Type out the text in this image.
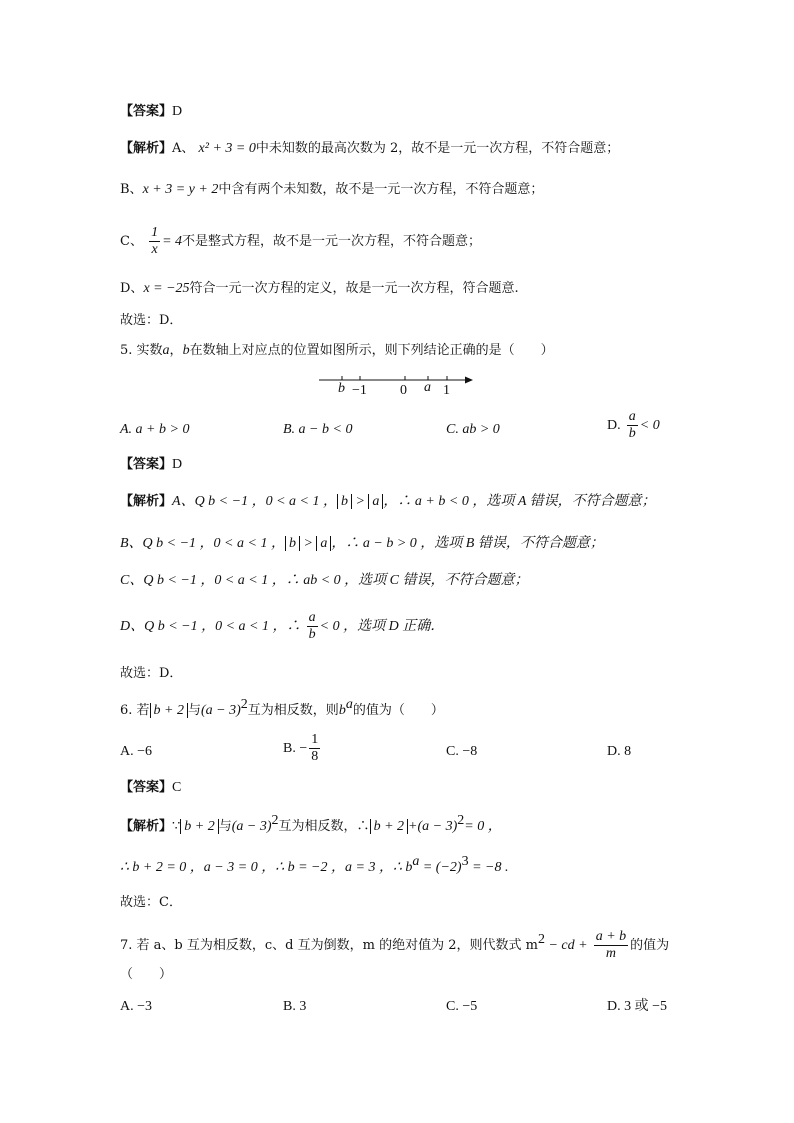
【答案】D
【解析】A、 x² + 3 = 0中未知数的最高次数为 2，故不是一元一次方程，不符合题意；
B、x + 3 = y + 2中含有两个未知数，故不是一元一次方程，不符合题意；
C、 $\frac{1}{x} = 4$不是整式方程，故不是一元一次方程，不符合题意；
D、x = −25符合一元一次方程的定义，故是一元一次方程，符合题意.
故选：D．
5. 实数a，b在数轴上对应点的位置如图所示，则下列结论正确的是（　　）
b −1 0 a 1
A. a + b > 0	B. a − b < 0	C. ab > 0	D. $\frac{a}{b} < 0$
【答案】D
【解析】A、Q b < −1 ，0 < a < 1 ， b > a ，∴ a + b < 0 ，选项 A 错误，不符合题意；
B、Q b < −1 ，0 < a < 1 ， b > a ，∴ a − b > 0 ，选项 B 错误，不符合题意；
C、Q b < −1 ，0 < a < 1 ，∴ ab < 0 ，选项 C 错误，不符合题意；
D、Q b < −1 ，0 < a < 1 ，∴ $\frac{a}{b} < 0$ ，选项 D 正确．
故选：D．
6. 若 b + 2 与$(a - 3)^2$互为相反数，则$b^a$的值为（　　）
A. −6	B. − $\frac{1}{8}$	C. −8	D. 8
【答案】C
【解析】∵ b + 2 与$(a - 3)^2$互为相反数，∴ $b + 2 +(a - 3)^2= 0$ ，
∴ b + 2 = 0 ，a − 3 = 0 ，∴ b = −2 ，a = 3 ，∴ $b^a = (-2)^3 = -8$ .
故选：C．
7. 若 a、b 互为相反数，c、d 互为倒数，m 的绝对值为 2，则代数式 $m^2$ − cd + $\frac{a + b}{m}$ 的值为
（　　）
A. −3	B. 3	C. −5	D. 3 或 −5
